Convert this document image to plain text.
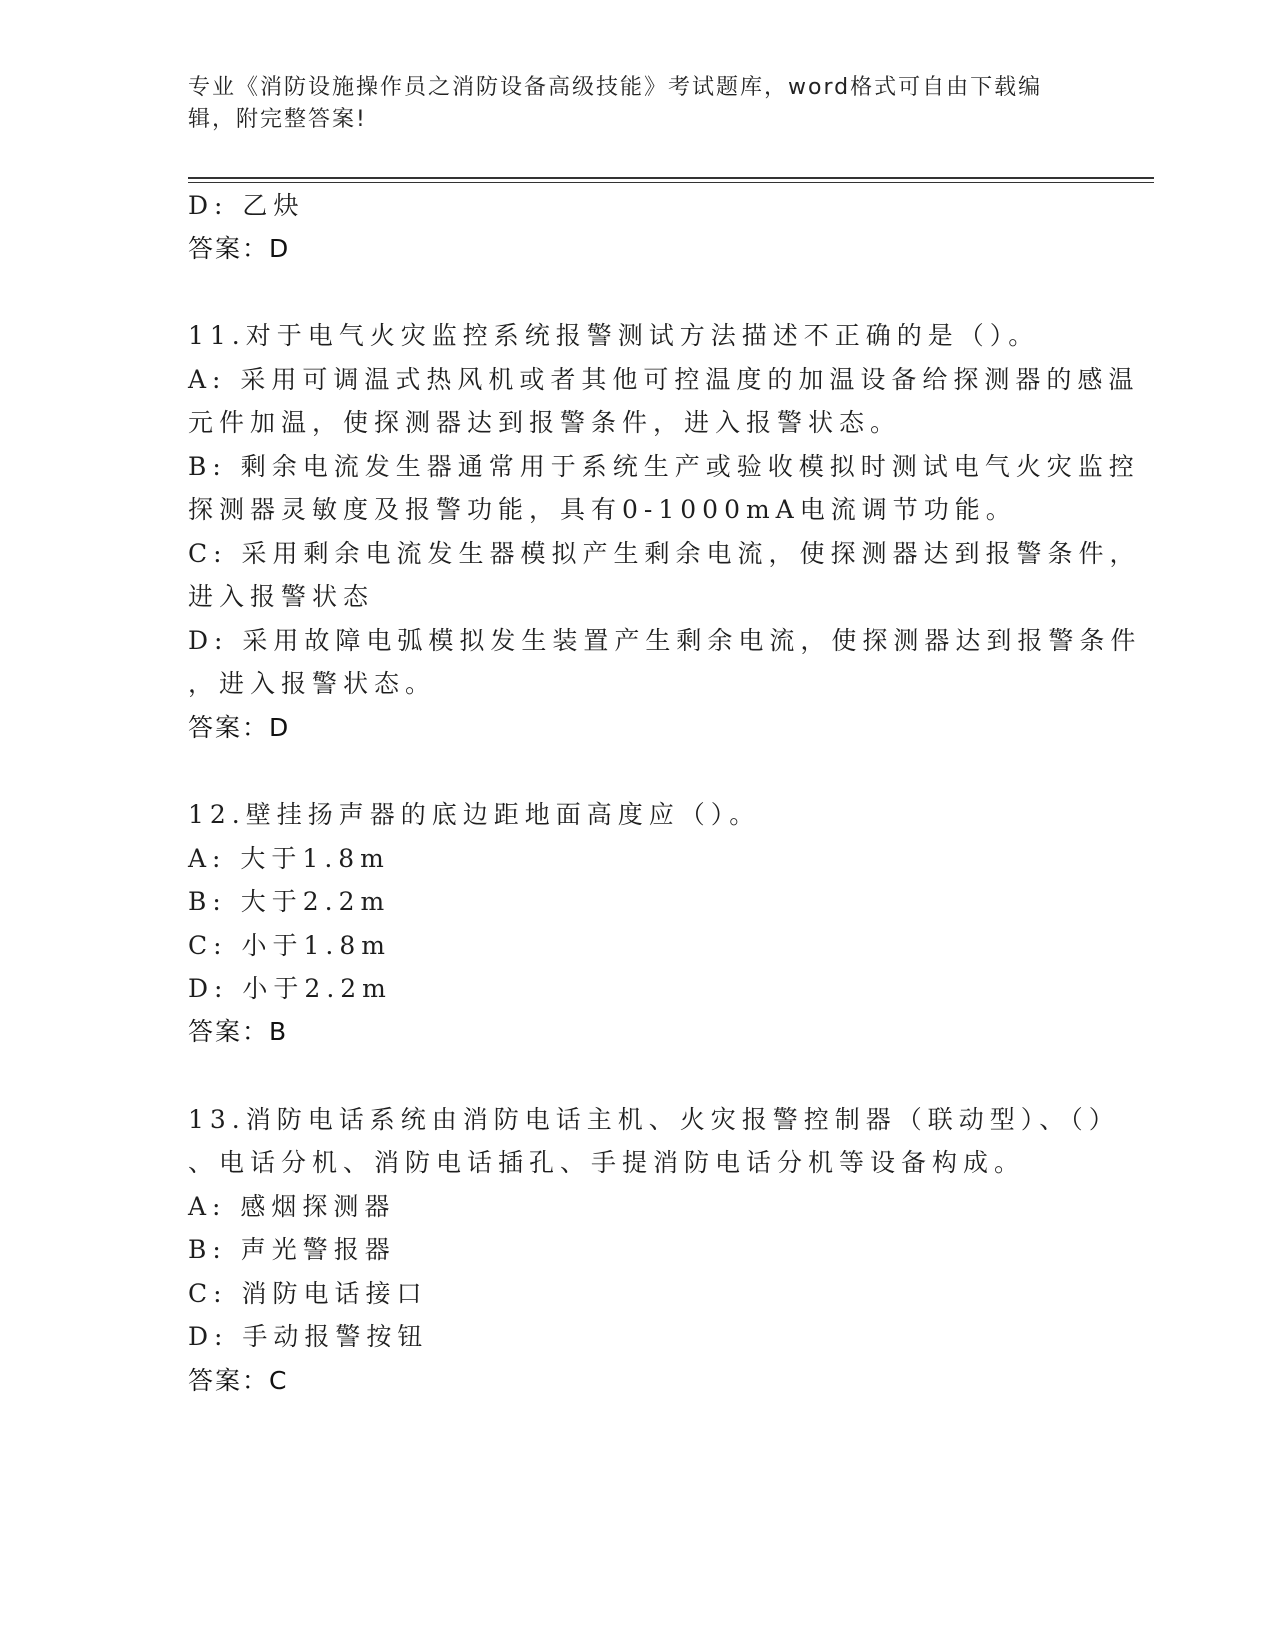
专业《消防设施操作员之消防设备高级技能》考试题库，word格式可自由下载编
辑，附完整答案!
D: 乙炔
答案：D
11.对于电气火灾监控系统报警测试方法描述不正确的是（）。
A: 采用可调温式热风机或者其他可控温度的加温设备给探测器的感温
元件加温，使探测器达到报警条件，进入报警状态。
B: 剩余电流发生器通常用于系统生产或验收模拟时测试电气火灾监控
探测器灵敏度及报警功能，具有0-1000mA电流调节功能。
C: 采用剩余电流发生器模拟产生剩余电流，使探测器达到报警条件，
进入报警状态
D: 采用故障电弧模拟发生装置产生剩余电流，使探测器达到报警条件
，进入报警状态。
答案：D
12.壁挂扬声器的底边距地面高度应（）。
A: 大于1.8m
B: 大于2.2m
C: 小于1.8m
D: 小于2.2m
答案：B
13.消防电话系统由消防电话主机、火灾报警控制器（联动型）、（）
、电话分机、消防电话插孔、手提消防电话分机等设备构成。
A: 感烟探测器
B: 声光警报器
C: 消防电话接口
D: 手动报警按钮
答案：C
